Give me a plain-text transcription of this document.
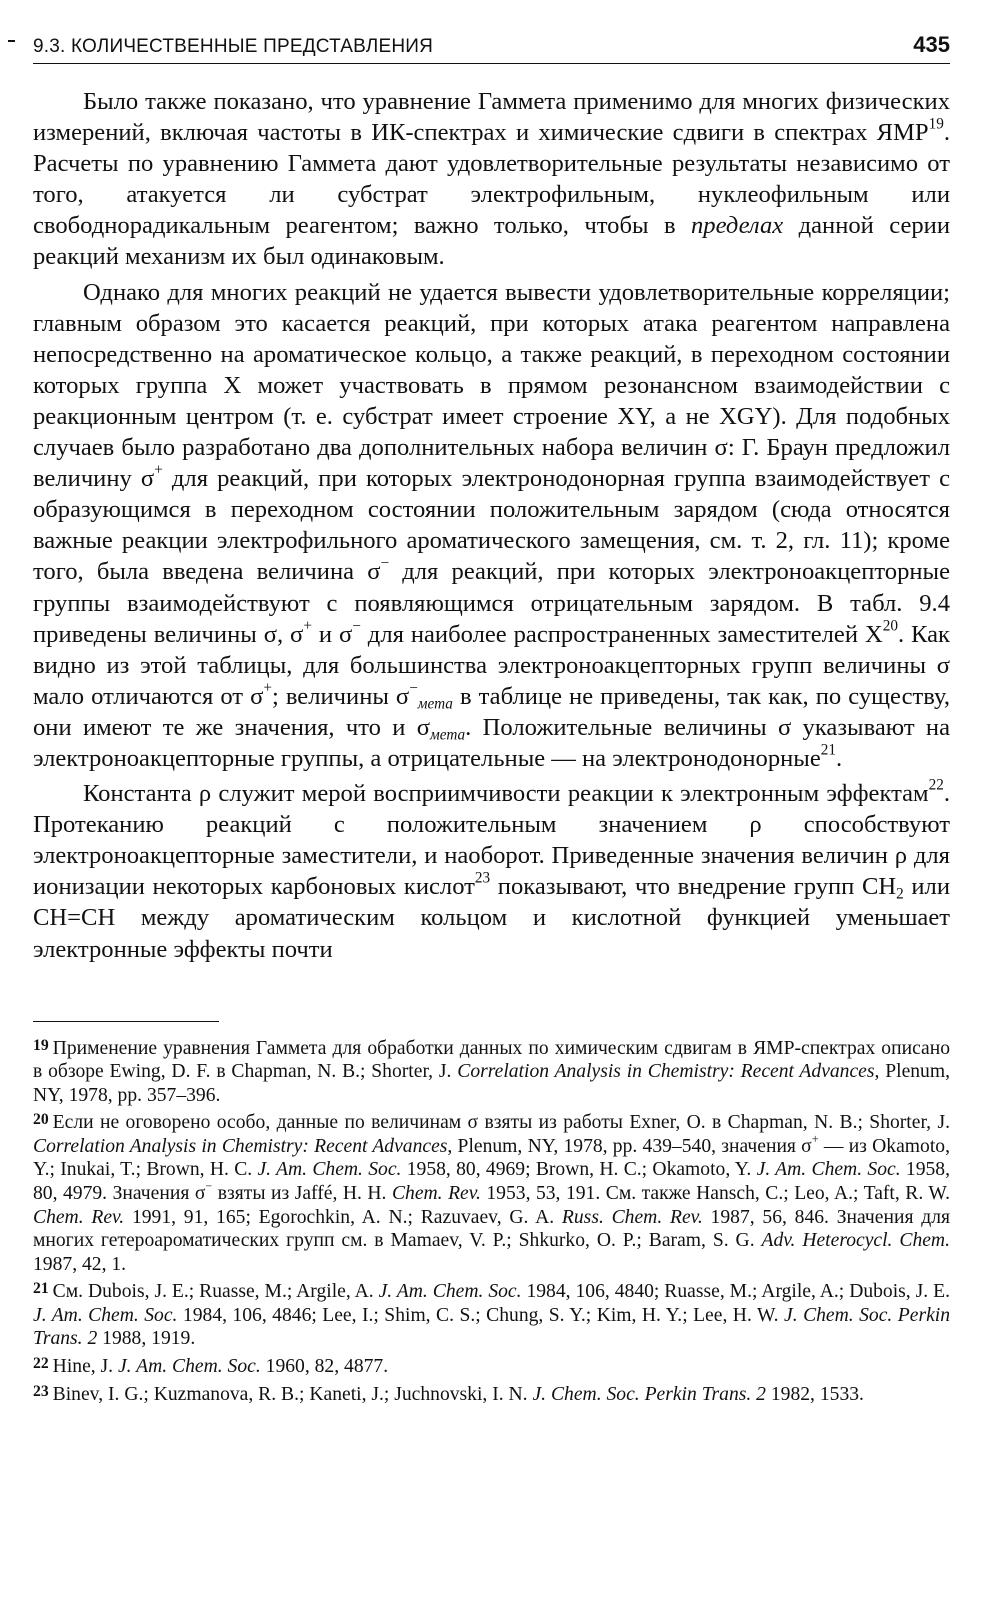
9.3. КОЛИЧЕСТВЕННЫЕ ПРЕДСТАВЛЕНИЯ	435

Было также показано, что уравнение Гаммета применимо для многих физических измерений, включая частоты в ИК-спектрах и химические сдвиги в спектрах ЯМР$^{19}$. Расчеты по уравнению Гаммета дают удовлетворительные результаты независимо от того, атакуется ли субстрат электрофильным, нуклеофильным или свободнорадикальным реагентом; важно только, чтобы в пределах данной серии реакций механизм их был одинаковым.

Однако для многих реакций не удается вывести удовлетворительные корреляции; главным образом это касается реакций, при которых атака реагентом направлена непосредственно на ароматическое кольцо, а также реакций, в переходном состоянии которых группа X может участвовать в прямом резонансном взаимодействии с реакционным центром (т. е. субстрат имеет строение XY, а не XGY). Для подобных случаев было разработано два дополнительных набора величин σ: Г. Браун предложил величину σ+ для реакций, при которых электронодонорная группа взаимодействует с образующимся в переходном состоянии положительным зарядом (сюда относятся важные реакции электрофильного ароматического замещения, см. т. 2, гл. 11); кроме того, была введена величина σ− для реакций, при которых электроноакцепторные группы взаимодействуют с появляющимся отрицательным зарядом. В табл. 9.4 приведены величины σ, σ+ и σ− для наиболее распространенных заместителей $X^{20}$. Как видно из этой таблицы, для большинства электроноакцепторных групп величины σ мало отличаются от σ+; величины $\sigma^-_{мета}$ в таблице не приведены, так как, по существу, они имеют те же значения, что и $\sigma_{мета}$. Положительные величины σ указывают на электроноакцепторные группы, а отрицательные — на электронодонорные$^{21}$.

Константа ρ служит мерой восприимчивости реакции к электронным эффектам$^{22}$. Протеканию реакций с положительным значением ρ способствуют электроноакцепторные заместители, и наоборот. Приведенные значения величин ρ для ионизации некоторых карбоновых кислот$^{23}$ показывают, что внедрение групп $CH_2$ или CH=CH между ароматическим кольцом и кислотной функцией уменьшает электронные эффекты почти

19 Применение уравнения Гаммета для обработки данных по химическим сдвигам в ЯМР-спектрах описано в обзоре Ewing, D. F. в Chapman, N. B.; Shorter, J. Correlation Analysis in Chemistry: Recent Advances, Plenum, NY, 1978, pp. 357–396.

20 Если не оговорено особо, данные по величинам σ взяты из работы Exner, O. в Chapman, N. B.; Shorter, J. Correlation Analysis in Chemistry: Recent Advances, Plenum, NY, 1978, pp. 439–540, значения σ+ — из Okamoto, Y.; Inukai, T.; Brown, H. C. J. Am. Chem. Soc. 1958, 80, 4969; Brown, H. C.; Okamoto, Y. J. Am. Chem. Soc. 1958, 80, 4979. Значения σ− взяты из Jaffé, H. H. Chem. Rev. 1953, 53, 191. См. также Hansch, C.; Leo, A.; Taft, R. W. Chem. Rev. 1991, 91, 165; Egorochkin, A. N.; Razuvaev, G. A. Russ. Chem. Rev. 1987, 56, 846. Значения для многих гетероароматических групп см. в Mamaev, V. P.; Shkurko, O. P.; Baram, S. G. Adv. Heterocycl. Chem. 1987, 42, 1.

21 См. Dubois, J. E.; Ruasse, M.; Argile, A. J. Am. Chem. Soc. 1984, 106, 4840; Ruasse, M.; Argile, A.; Dubois, J. E. J. Am. Chem. Soc. 1984, 106, 4846; Lee, I.; Shim, C. S.; Chung, S. Y.; Kim, H. Y.; Lee, H. W. J. Chem. Soc. Perkin Trans. 2 1988, 1919.

22 Hine, J. J. Am. Chem. Soc. 1960, 82, 4877.

23 Binev, I. G.; Kuzmanova, R. B.; Kaneti, J.; Juchnovski, I. N. J. Chem. Soc. Perkin Trans. 2 1982, 1533.
